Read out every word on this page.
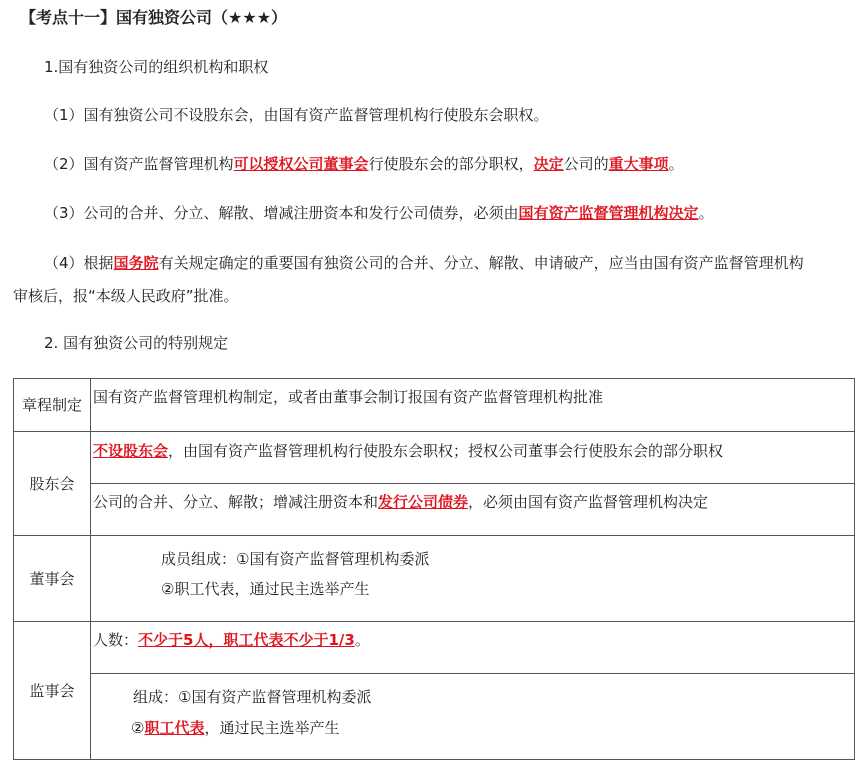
【考点十一】国有独资公司（★★★）
1.国有独资公司的组织机构和职权
（1）国有独资公司不设股东会，由国有资产监督管理机构行使股东会职权。
（2）国有资产监督管理机构可以授权公司董事会行使股东会的部分职权，决定公司的重大事项。
（3）公司的合并、分立、解散、增减注册资本和发行公司债券，必须由国有资产监督管理机构决定。
（4）根据国务院有关规定确定的重要国有独资公司的合并、分立、解散、申请破产，应当由国有资产监督管理机构
审核后，报“本级人民政府”批准。
2. 国有独资公司的特别规定
章程制定	国有资产监督管理机构制定，或者由董事会制订报国有资产监督管理机构批准
股东会	不设股东会，由国有资产监督管理机构行使股东会职权；授权公司董事会行使股东会的部分职权
	公司的合并、分立、解散；增减注册资本和发行公司债券，必须由国有资产监督管理机构决定
董事会	成员组成：①国有资产监督管理机构委派
②职工代表，通过民主选举产生

监事会	人数：不少于5人，职工代表不少于1/3。

	组成：①国有资产监督管理机构委派
②职工代表，通过民主选举产生
